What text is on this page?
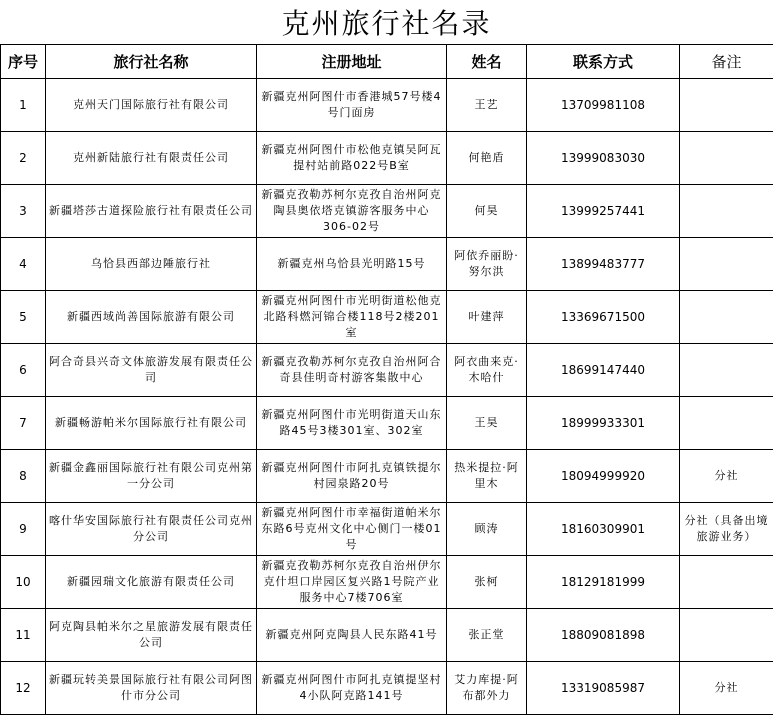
克州旅行社名录
序号	旅行社名称	注册地址	姓名	联系方式	备注
1	克州天门国际旅行社有限公司	新疆克州阿图什市香港城57号楼4号门面房	王艺	13709981108	
2	克州新陆旅行社有限责任公司	新疆克州阿图什市松他克镇吴阿瓦提村站前路022号B室	何艳盾	13999083030	
3	新疆塔莎古道探险旅行社有限责任公司	新疆克孜勒苏柯尔克孜自治州阿克陶县奥依塔克镇游客服务中心306-02号	何昊	13999257441	
4	乌恰县西部边陲旅行社	新疆克州乌恰县光明路15号	阿依乔丽盼·努尔洪	13899483777	
5	新疆西域尚善国际旅游有限公司	新疆克州阿图什市光明街道松他克北路科燃河锦合楼118号2楼201室	叶建萍	13369671500	
6	阿合奇县兴奇文体旅游发展有限责任公司	新疆克孜勒苏柯尔克孜自治州阿合奇县佳明奇村游客集散中心	阿衣曲来克·木哈什	18699147440	
7	新疆畅游帕米尔国际旅行社有限公司	新疆克州阿图什市光明街道天山东路45号3楼301室、302室	王昊	18999933301	
8	新疆金鑫丽国际旅行社有限公司克州第一分公司	新疆克州阿图什市阿扎克镇铁提尔村园泉路20号	热米提拉·阿里木	18094999920	分社
9	喀什华安国际旅行社有限责任公司克州分公司	新疆克州阿图什市幸福街道帕米尔东路6号克州文化中心侧门一楼01号	顾涛	18160309901	分社（具备出境旅游业务）
10	新疆园瑞文化旅游有限责任公司	新疆克孜勒苏柯尔克孜自治州伊尔克什坦口岸园区复兴路1号院产业服务中心7楼706室	张柯	18129181999	
11	阿克陶县帕米尔之星旅游发展有限责任公司	新疆克州阿克陶县人民东路41号	张正堂	18809081898	
12	新疆玩转美景国际旅行社有限公司阿图什市分公司	新疆克州阿图什市阿扎克镇提坚村4小队阿克路141号	艾力库提·阿布都外力	13319085987	分社
